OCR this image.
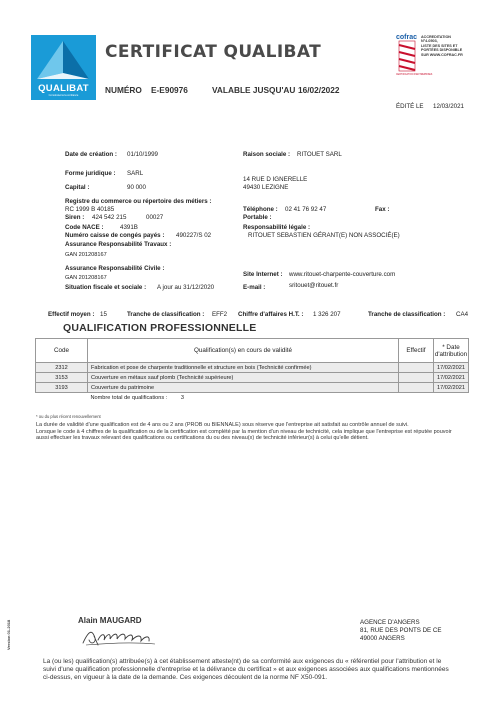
QUALIBAT
Construisons la confiance
CERTIFICAT QUALIBAT
NUMÉRO E-E90976	VALABLE JUSQU'AU 16/02/2022
cofrac
CERTIFICATION D'ENTREPRISES
ACCREDITATION
N°4-0503,
LISTE DES SITES ET
PORTÉES DISPONIBLE
SUR WWW.COFRAC.FR
ÉDITÉ LE 12/03/2021
Date de création : 01/10/1999
Forme juridique : SARL
Capital :	90 000
Registre du commerce ou répertoire des métiers :
RC 1999 B 40185
Siren : 424 542 215	00027
Code NACE :	4391B
Numéro caisse de congés payés : 490227/S 02
Assurance Responsabilité Travaux :
GAN 201208167
Assurance Responsabilité Civile :
GAN 201208167
Situation fiscale et sociale : A jour au 31/12/2020
Raison sociale : RITOUET SARL
14 RUE D IGNERELLE
49430 LEZIGNE
Téléphone : 02 41 76 92 47	Fax :
Portable :
Responsabilité légale :
RITOUET SEBASTIEN GÉRANT(E) NON ASSOCIÉ(E)
Site Internet : www.ritouet-charpente-couverture.com
E-mail :	sritouet@ritouet.fr
Effectif moyen : 15	Tranche de classification : EFF2 Chiffre d'affaires H.T. : 1 326 207	Tranche de classification : CA4
QUALIFICATION PROFESSIONNELLE
Code	Qualification(s) en cours de validité	Effectif	* Date
d'attribution

2312	Fabrication et pose de charpente traditionnelle et structure en bois (Technicité confirmée)		17/02/2021
3153	Couverture en métaux sauf plomb (Technicité supérieure)		17/02/2021
3193	Couverture du patrimoine		17/02/2021
	Nombre total de qualifications : 3		
* ou du plus récent renouvellement
La durée de validité d'une qualification est de 4 ans ou 2 ans (PROB ou BIENNALE) sous réserve que l'entreprise ait satisfait au contrôle annuel de suivi.
Lorsque le code à 4 chiffres de la qualification ou de la certification est complété par la mention d'un niveau de technicité, cela implique que l'entreprise est réputée pouvoir
aussi effectuer les travaux relevant des qualifications ou certifications du ou des niveau(x) de technicité inférieur(s) à celui qu'elle détient.
Alain MAUGARD	AGENCE D'ANGERS
81, RUE DES PONTS DE CE
49000 ANGERS
Version 01-2018
La (ou les) qualification(s) attribuée(s) à cet établissement atteste(nt) de sa conformité aux exigences du « référentiel pour l'attribution et le
suivi d'une qualification professionnelle d'entreprise et la délivrance du certificat » et aux exigences associées aux qualifications mentionnées
ci-dessus, en vigueur à la date de la demande. Ces exigences découlent de la norme NF X50-091.
